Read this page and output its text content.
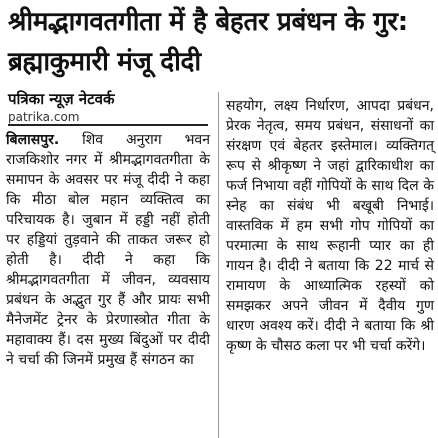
श्रीमद्भागवतगीता में है बेहतर प्रबंधन के गुर: ब्रह्माकुमारी मंजू दीदी
पत्रिका न्यूज़ नेटवर्क
patrika.com

बिलासपुर. शिव अनुराग भवन राजकिशोर नगर में श्रीमद्भागवतगीता के समापन के अवसर पर मंजू दीदी ने कहा कि मीठा बोल महान व्यक्तित्व का परिचायक है। जुबान में हड्डी नहीं होती पर हड्डियां तुड़वाने की ताकत जरूर हो होती है। दीदी ने कहा कि श्रीमद्भागवतगीता में जीवन, व्यवसाय प्रबंधन के अद्भुत गुर हैं और प्रायः सभी मैनेजमेंट ट्रेनर के प्रेरणास्त्रोत गीता के महावाक्य हैं। दस मुख्य बिंदुओं पर दीदी ने चर्चा की जिनमें प्रमुख हैं संगठन का

सहयोग, लक्ष्य निर्धारण, आपदा प्रबंधन, प्रेरक नेतृत्व, समय प्रबंधन, संसाधनों का संरक्षण एवं बेहतर इस्तेमाल। व्यक्तिगत् रूप से श्रीकृष्ण ने जहां द्वारिकाधीश का फर्ज निभाया वहीं गोपियों के साथ दिल के स्नेह का संबंध भी बखूबी निभाई। वास्तविक में हम सभी गोप गोपियों का परमात्मा के साथ रूहानी प्यार का ही गायन है। दीदी ने बताया कि 22 मार्च से रामायण के आध्यात्मिक रहस्यों को समझकर अपने जीवन में दैवीय गुण धारण अवश्य करें। दीदी ने बताया कि श्री कृष्ण के चौसठ कला पर भी चर्चा करेंगे।
